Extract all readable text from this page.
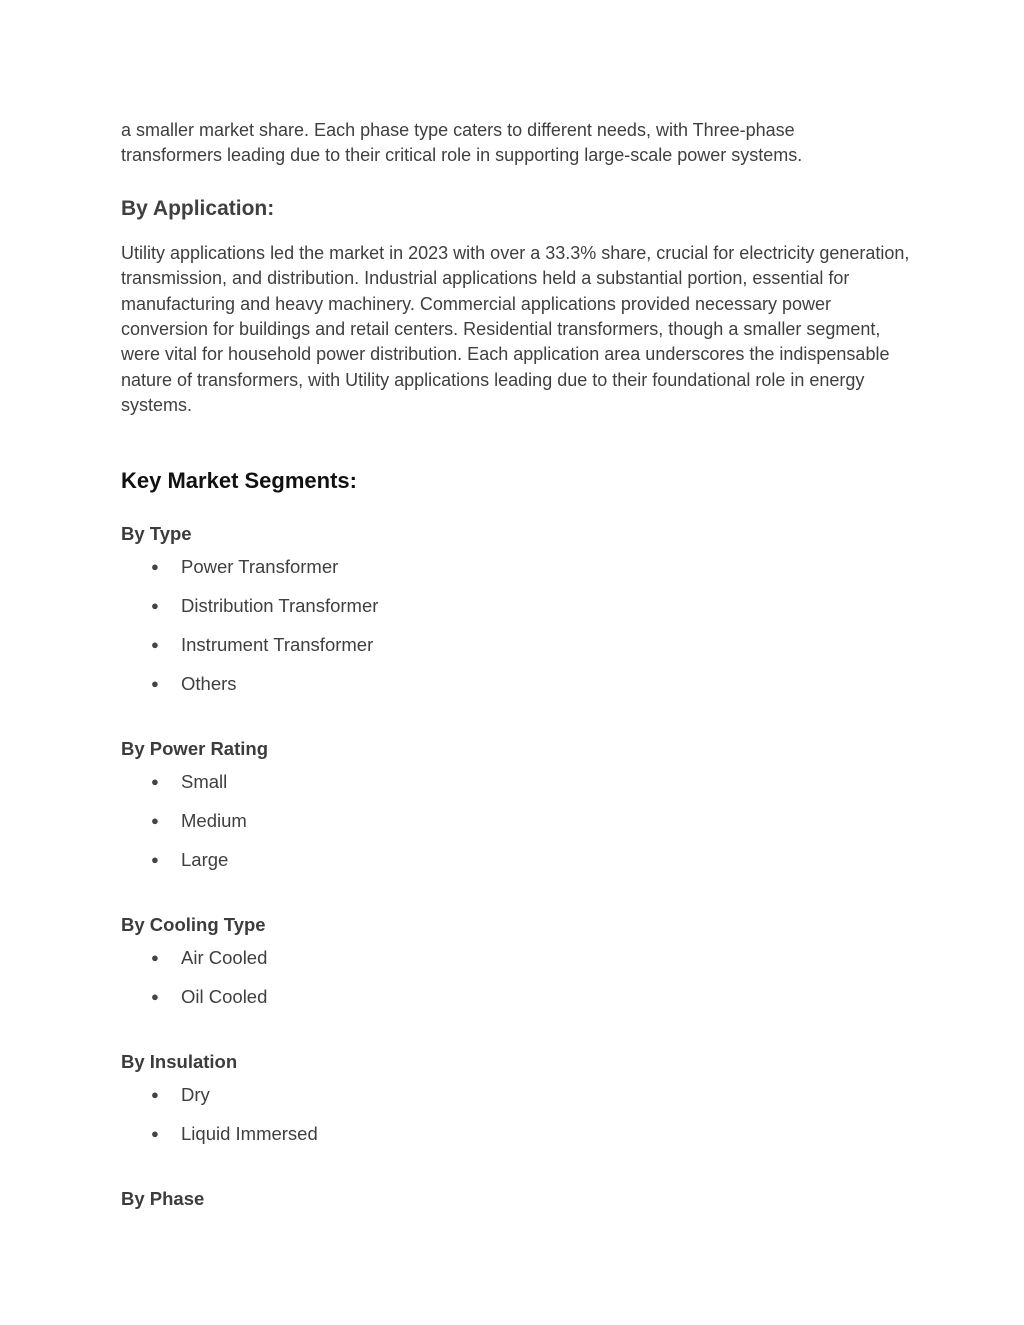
a smaller market share. Each phase type caters to different needs, with Three-phase transformers leading due to their critical role in supporting large-scale power systems.

By Application:

Utility applications led the market in 2023 with over a 33.3% share, crucial for electricity generation, transmission, and distribution. Industrial applications held a substantial portion, essential for manufacturing and heavy machinery. Commercial applications provided necessary power conversion for buildings and retail centers. Residential transformers, though a smaller segment, were vital for household power distribution. Each application area underscores the indispensable nature of transformers, with Utility applications leading due to their foundational role in energy systems.

Key Market Segments:
By Type
● Power Transformer
● Distribution Transformer
● Instrument Transformer
● Others
By Power Rating
● Small
● Medium
● Large
By Cooling Type
● Air Cooled
● Oil Cooled
By Insulation
● Dry
● Liquid Immersed
By Phase
